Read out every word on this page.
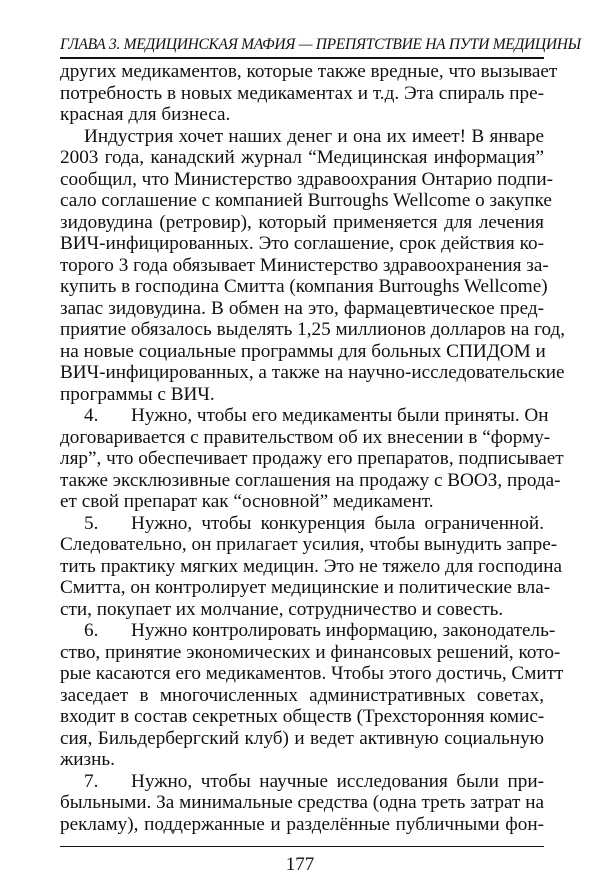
ГЛАВА 3. МЕДИЦИНСКАЯ МАФИЯ — ПРЕПЯТСТВИЕ НА ПУТИ МЕДИЦИНЫ
других медикаментов, которые также вредные, что вызывает
потребность в новых медикаментах и т.д. Эта спираль пре-
красная для бизнеса.
Индустрия хочет наших денег и она их имеет! В январе
2003 года, канадский журнал “Медицинская информация”
сообщил, что Министерство здравоохрания Онтарио подпи-
сало соглашение с компанией Burroughs Wellcome о закупке
зидовудина (ретровир), который применяется для лечения
ВИЧ-инфицированных. Это соглашение, срок действия ко-
торого 3 года обязывает Министерство здравоохранения за-
купить в господина Смитта (компания Burroughs Wellcome)
запас зидовудина. В обмен на это, фармацевтическое пред-
приятие обязалось выделять 1,25 миллионов долларов на год,
на новые социальные программы для больных СПИДОМ и
ВИЧ-инфицированных, а также на научно-исследовательские
программы с ВИЧ.
4. Нужно, чтобы его медикаменты были приняты. Он
договаривается с правительством об их внесении в “форму-
ляр”, что обеспечивает продажу его препаратов, подписывает
также эксклюзивные соглашения на продажу с ВООЗ, прода-
ет свой препарат как “основной” медикамент.
5. Нужно, чтобы конкуренция была ограниченной.
Следовательно, он прилагает усилия, чтобы вынудить запре-
тить практику мягких медицин. Это не тяжело для господина
Смитта, он контролирует медицинские и политические вла-
сти, покупает их молчание, сотрудничество и совесть.
6. Нужно контролировать информацию, законодатель-
ство, принятие экономических и финансовых решений, кото-
рые касаются его медикаментов. Чтобы этого достичь, Смитт
заседает в многочисленных административных советах,
входит в состав секретных обществ (Трехсторонняя комис-
сия, Бильдербергский клуб) и ведет активную социальную
жизнь.
7. Нужно, чтобы научные исследования были при-
быльными. За минимальные средства (одна треть затрат на
рекламу), поддержанные и разделённые публичными фон-
177
